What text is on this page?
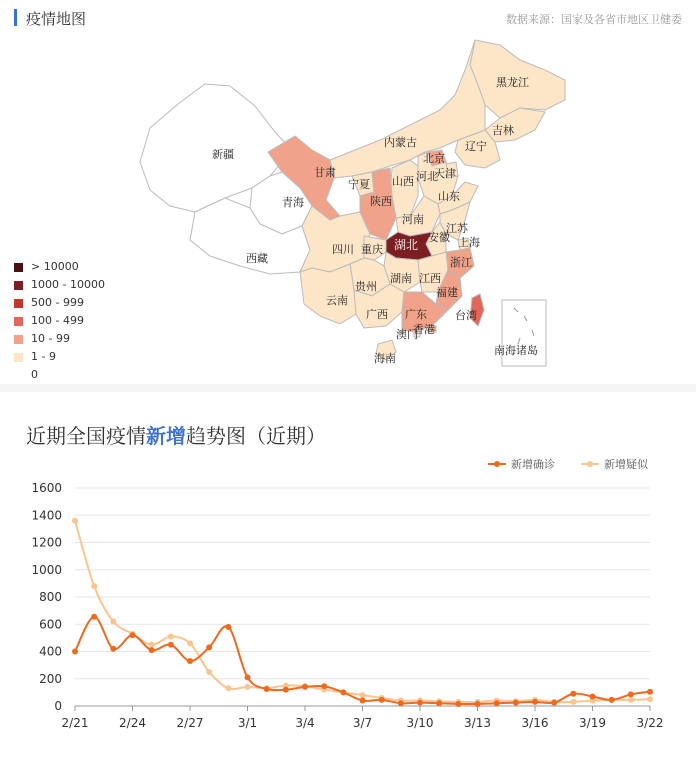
疫情地图	数据来源：国家及各省市地区卫健委
黑龙江
吉林
辽宁
内蒙古
北京
天津
河北
山西
山东
新疆
甘肃
宁夏
青海	陕西
河南
江苏
安徽 上海
湖北
四川 重庆
西藏	浙江
湖南 江西
贵州	福建
云南
广西 广东	台湾
香港
澳门
海南
南海诸岛
> 10000
1000 - 10000
500 - 999
100 - 499
10 - 99
1 - 9
0
近期全国疫情新增趋势图（近期）
新增确诊	新增疑似
0
200
400
600
800
1000
1200
1400
1600
2/21	2/24	2/27	3/1	3/4	3/7	3/10	3/13	3/16	3/19	3/22
